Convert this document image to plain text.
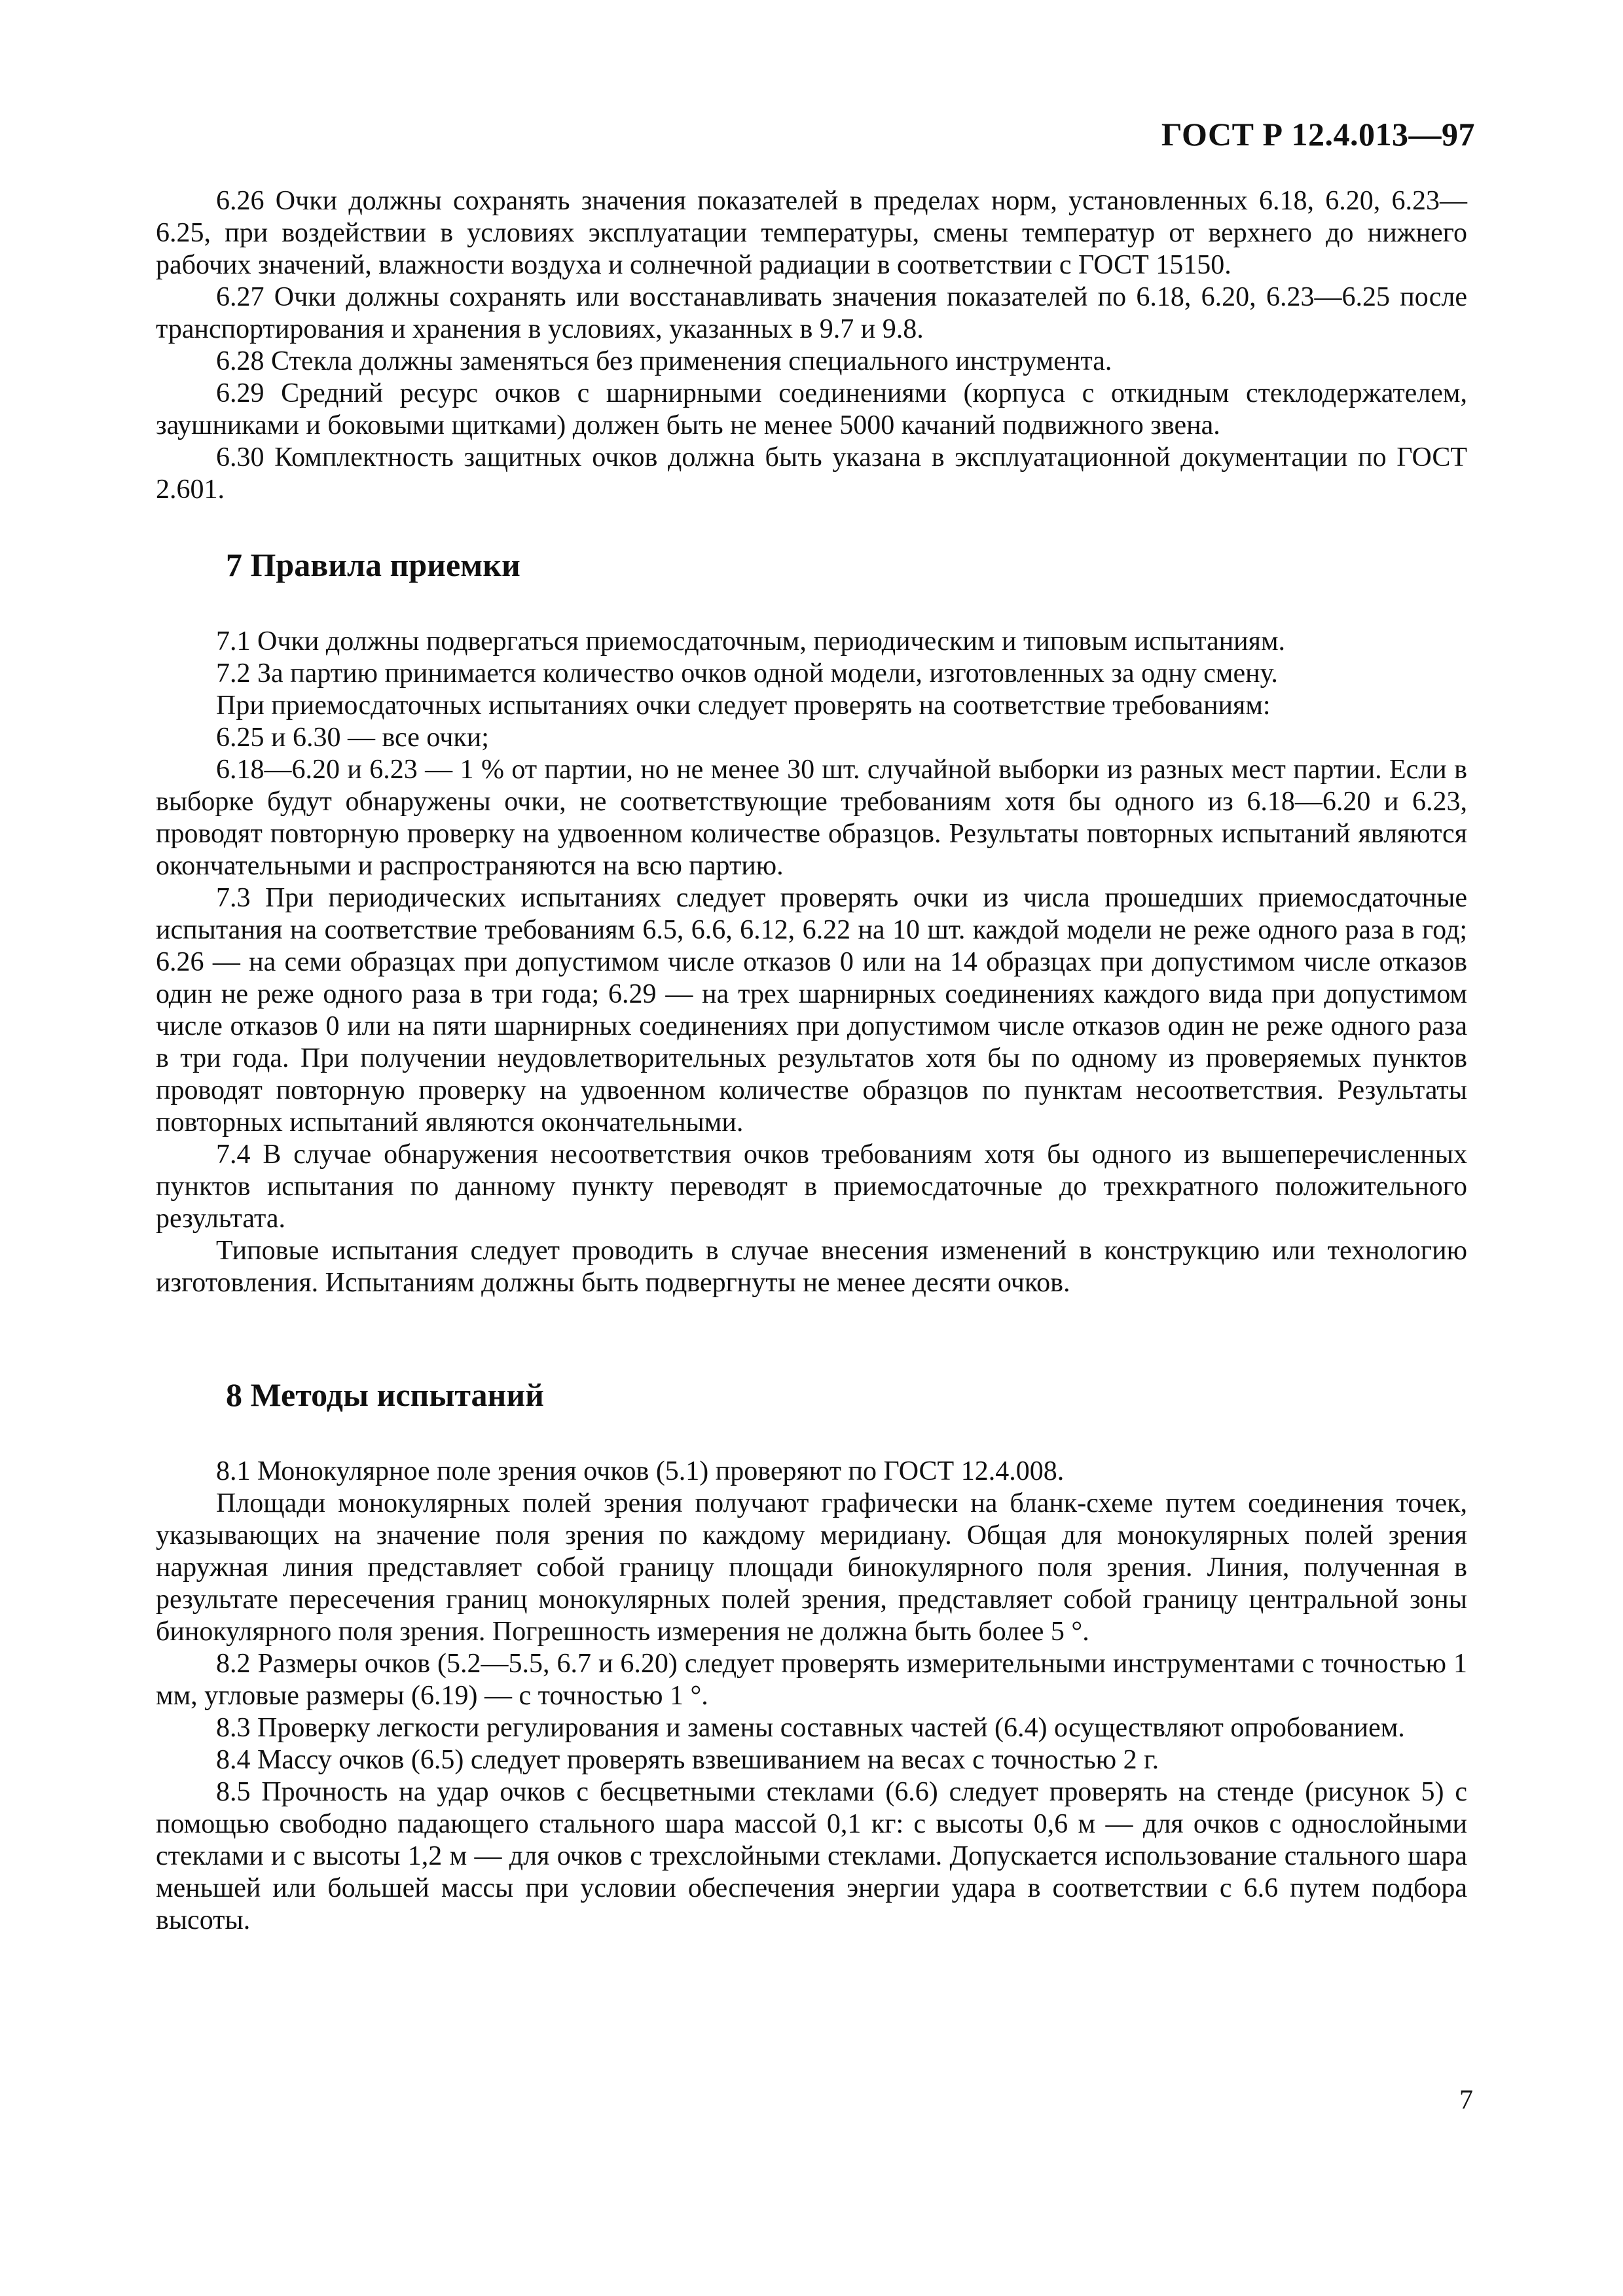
ГОСТ Р 12.4.013—97

6.26 Очки должны сохранять значения показателей в пределах норм, установленных 6.18, 6.20, 6.23—6.25, при воздействии в условиях эксплуатации температуры, смены температур от верхнего до нижнего рабочих значений, влажности воздуха и солнечной радиации в соответствии с ГОСТ 15150.

6.27 Очки должны сохранять или восстанавливать значения показателей по 6.18, 6.20, 6.23—6.25 после транспортирования и хранения в условиях, указанных в 9.7 и 9.8.

6.28 Стекла должны заменяться без применения специального инструмента.

6.29 Средний ресурс очков с шарнирными соединениями (корпуса с откидным стеклодержателем, заушниками и боковыми щитками) должен быть не менее 5000 качаний подвижного звена.

6.30 Комплектность защитных очков должна быть указана в эксплуатационной документации по ГОСТ 2.601.

7 Правила приемки

7.1 Очки должны подвергаться приемосдаточным, периодическим и типовым испытаниям.

7.2 За партию принимается количество очков одной модели, изготовленных за одну смену.

При приемосдаточных испытаниях очки следует проверять на соответствие требованиям:

6.25 и 6.30 — все очки;

6.18—6.20 и 6.23 — 1 % от партии, но не менее 30 шт. случайной выборки из разных мест партии. Если в выборке будут обнаружены очки, не соответствующие требованиям хотя бы одного из 6.18—6.20 и 6.23, проводят повторную проверку на удвоенном количестве образцов. Результаты повторных испытаний являются окончательными и распространяются на всю партию.

7.3 При периодических испытаниях следует проверять очки из числа прошедших приемосдаточные испытания на соответствие требованиям 6.5, 6.6, 6.12, 6.22 на 10 шт. каждой модели не реже одного раза в год; 6.26 — на семи образцах при допустимом числе отказов 0 или на 14 образцах при допустимом числе отказов один не реже одного раза в три года; 6.29 — на трех шарнирных соединениях каждого вида при допустимом числе отказов 0 или на пяти шарнирных соединениях при допустимом числе отказов один не реже одного раза в три года. При получении неудовлетворительных результатов хотя бы по одному из проверяемых пунктов проводят повторную проверку на удвоенном количестве образцов по пунктам несоответствия. Результаты повторных испытаний являются окончательными.

7.4 В случае обнаружения несоответствия очков требованиям хотя бы одного из вышеперечисленных пунктов испытания по данному пункту переводят в приемосдаточные до трехкратного положительного результата.

Типовые испытания следует проводить в случае внесения изменений в конструкцию или технологию изготовления. Испытаниям должны быть подвергнуты не менее десяти очков.

8 Методы испытаний

8.1 Монокулярное поле зрения очков (5.1) проверяют по ГОСТ 12.4.008.

Площади монокулярных полей зрения получают графически на бланк-схеме путем соединения точек, указывающих на значение поля зрения по каждому меридиану. Общая для монокулярных полей зрения наружная линия представляет собой границу площади бинокулярного поля зрения. Линия, полученная в результате пересечения границ монокулярных полей зрения, представляет собой границу центральной зоны бинокулярного поля зрения. Погрешность измерения не должна быть более 5 °.

8.2 Размеры очков (5.2—5.5, 6.7 и 6.20) следует проверять измерительными инструментами с точностью 1 мм, угловые размеры (6.19) — с точностью 1 °.

8.3 Проверку легкости регулирования и замены составных частей (6.4) осуществляют опробованием.

8.4 Массу очков (6.5) следует проверять взвешиванием на весах с точностью 2 г.

8.5 Прочность на удар очков с бесцветными стеклами (6.6) следует проверять на стенде (рисунок 5) с помощью свободно падающего стального шара массой 0,1 кг: с высоты 0,6 м — для очков с однослойными стеклами и с высоты 1,2 м — для очков с трехслойными стеклами. Допускается использование стального шара меньшей или большей массы при условии обеспечения энергии удара в соответствии с 6.6 путем подбора высоты.

7
